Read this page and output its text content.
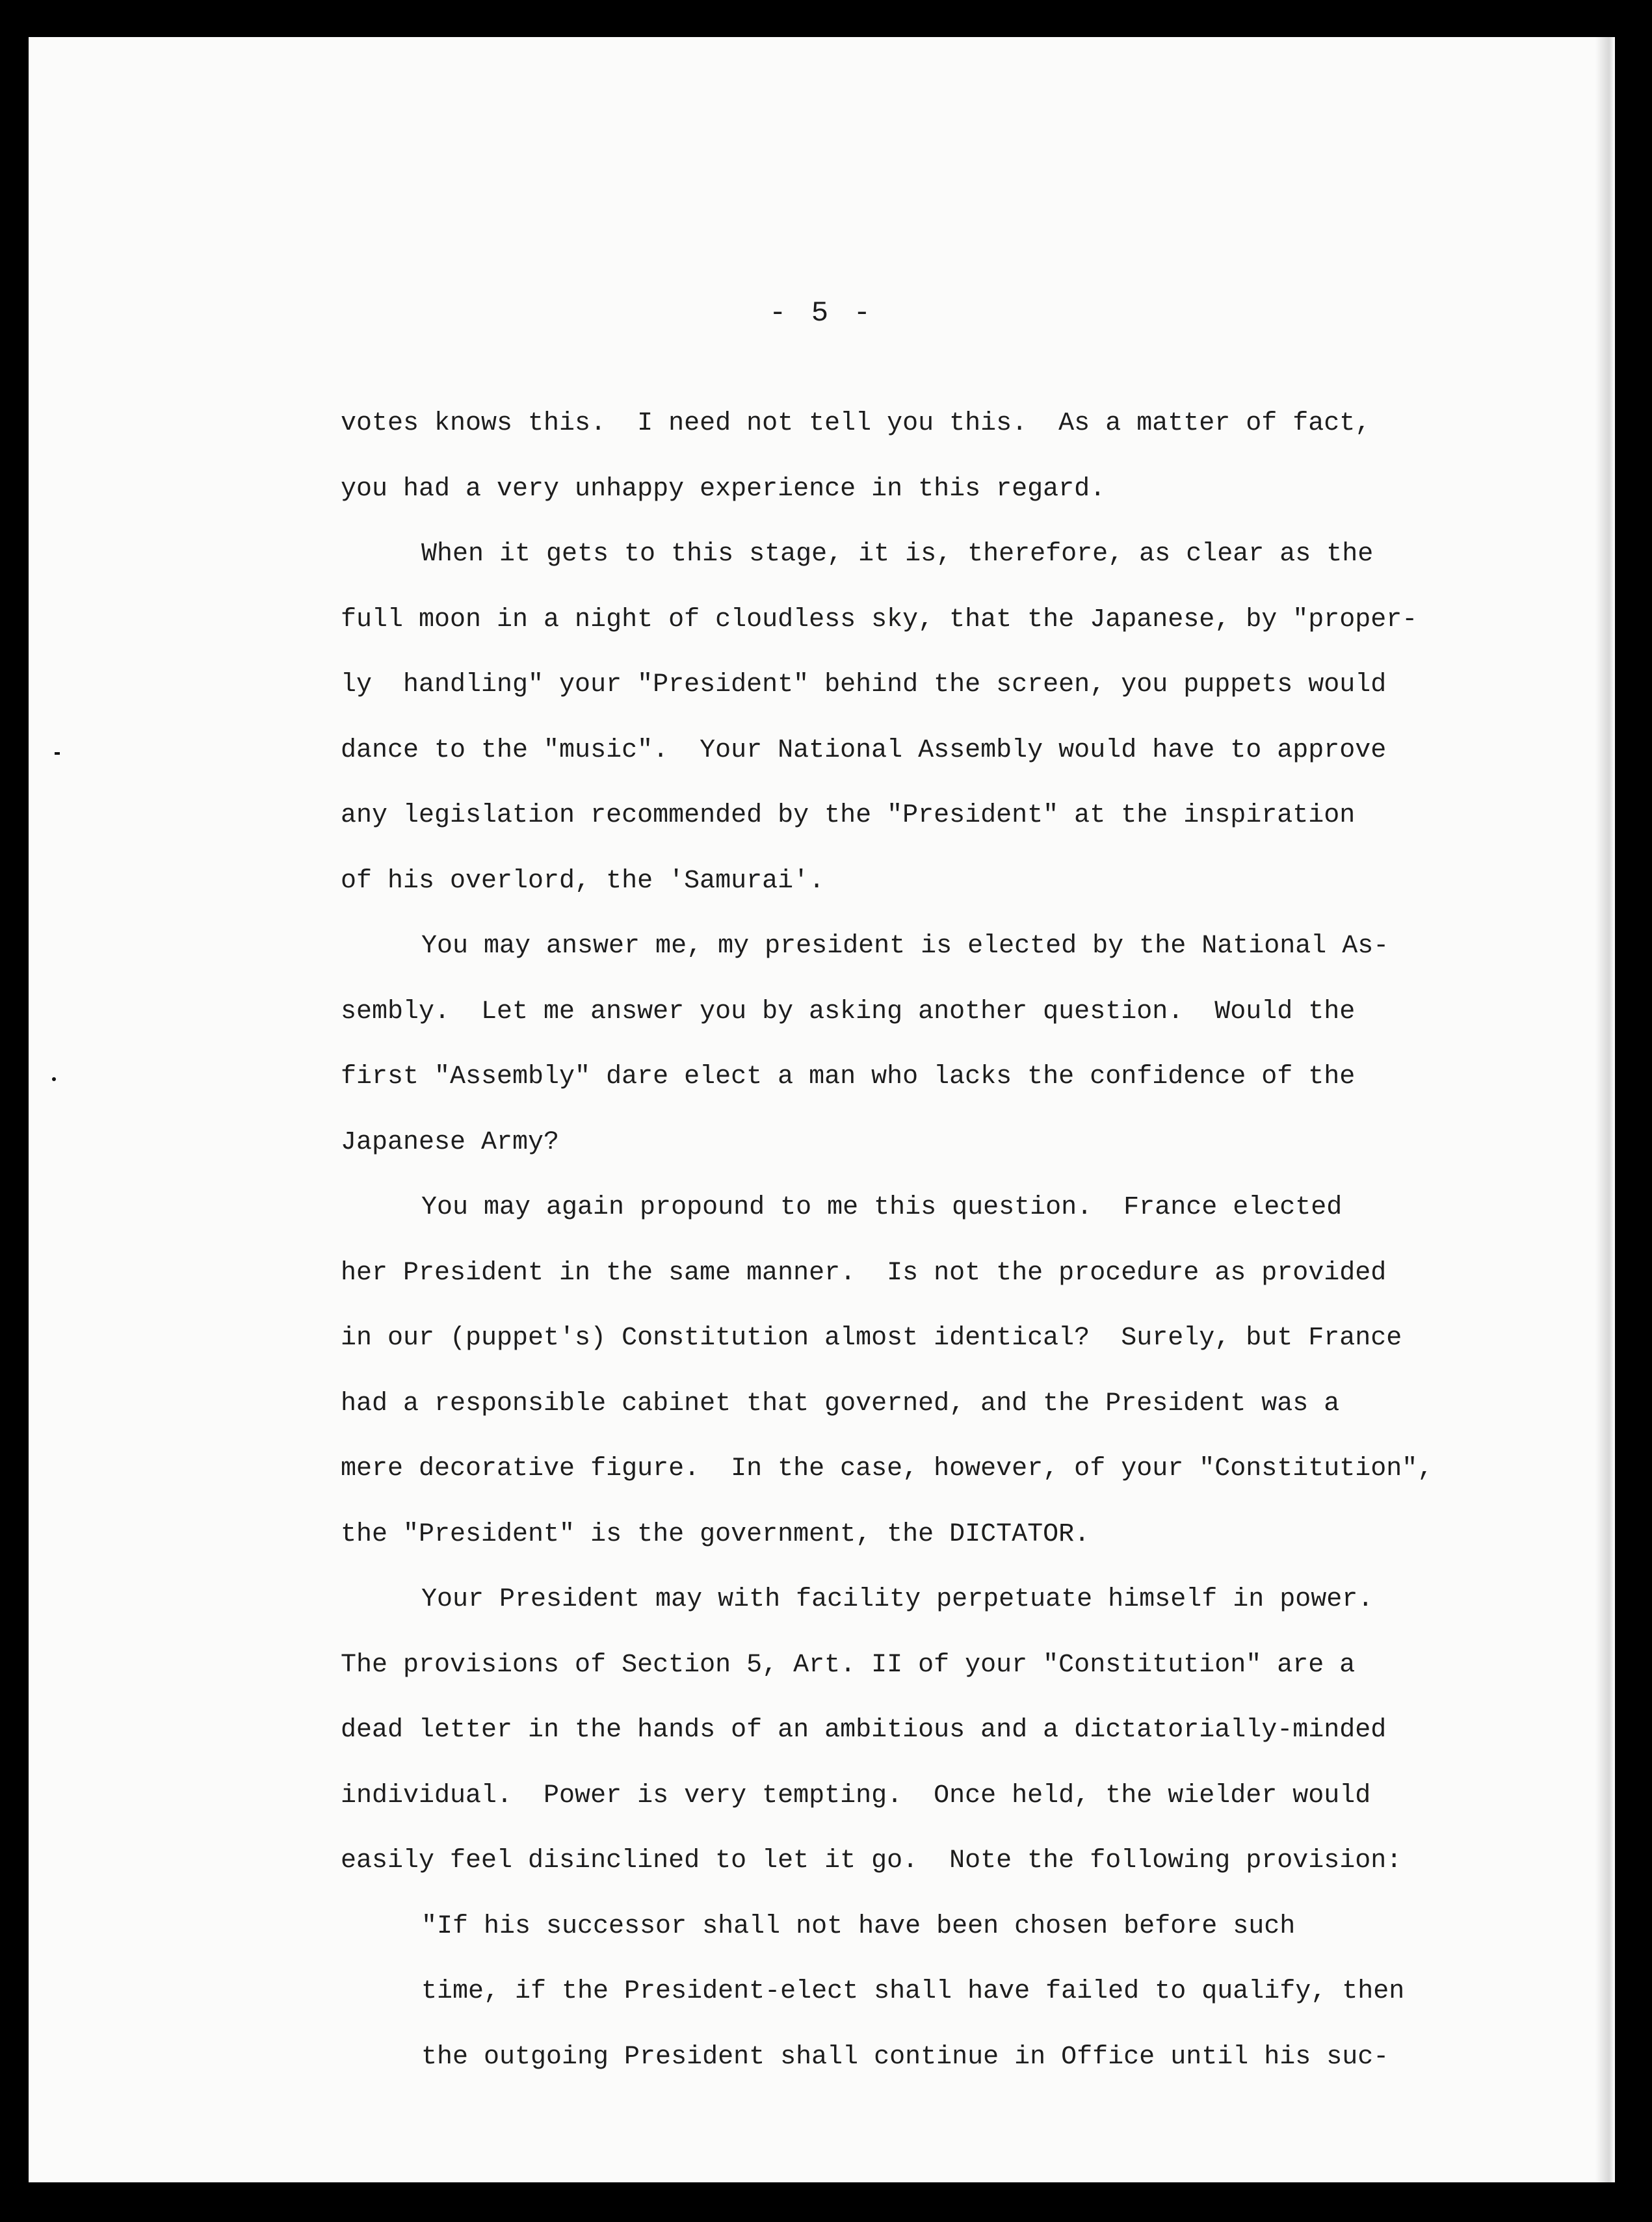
- 5 -
votes knows this.  I need not tell you this.  As a matter of fact,
you had a very unhappy experience in this regard.
When it gets to this stage, it is, therefore, as clear as the
full moon in a night of cloudless sky, that the Japanese, by "proper-
ly  handling" your "President" behind the screen, you puppets would
dance to the "music".  Your National Assembly would have to approve
any legislation recommended by the "President" at the inspiration
of his overlord, the 'Samurai'.
You may answer me, my president is elected by the National As-
sembly.  Let me answer you by asking another question.  Would the
first "Assembly" dare elect a man who lacks the confidence of the
Japanese Army?
You may again propound to me this question.  France elected
her President in the same manner.  Is not the procedure as provided
in our (puppet's) Constitution almost identical?  Surely, but France
had a responsible cabinet that governed, and the President was a
mere decorative figure.  In the case, however, of your "Constitution",
the "President" is the government, the DICTATOR.
Your President may with facility perpetuate himself in power.
The provisions of Section 5, Art. II of your "Constitution" are a
dead letter in the hands of an ambitious and a dictatorially-minded
individual.  Power is very tempting.  Once held, the wielder would
easily feel disinclined to let it go.  Note the following provision:
"If his successor shall not have been chosen before such
time, if the President-elect shall have failed to qualify, then
the outgoing President shall continue in Office until his suc-
